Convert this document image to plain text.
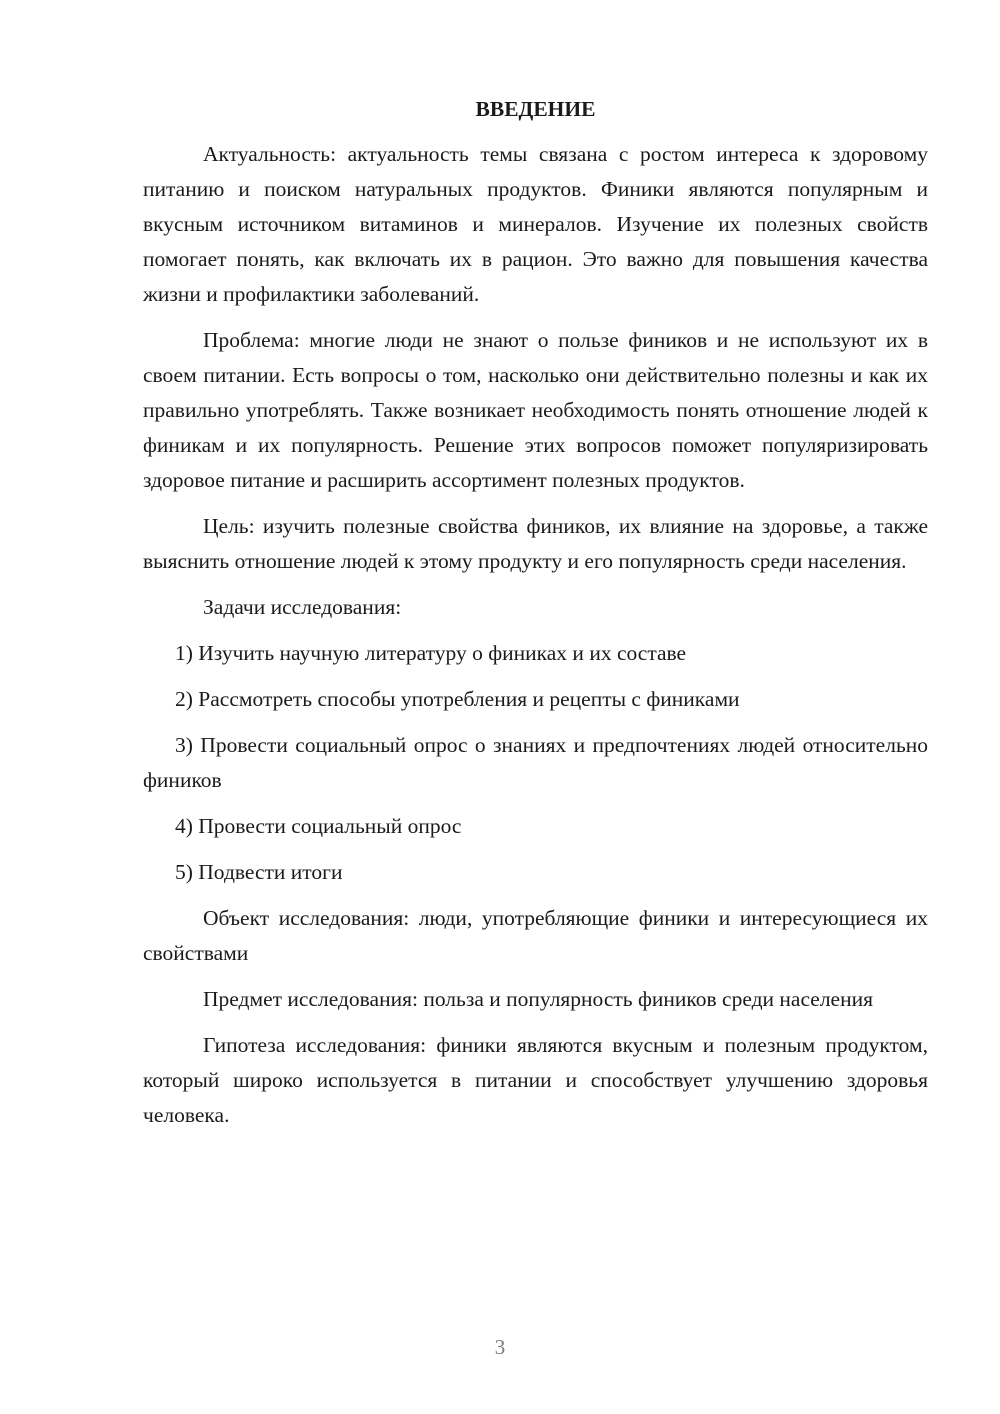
ВВЕДЕНИЕ

Актуальность: актуальность темы связана с ростом интереса к здоровому питанию и поиском натуральных продуктов. Финики являются популярным и вкусным источником витаминов и минералов. Изучение их полезных свойств помогает понять, как включать их в рацион. Это важно для повышения качества жизни и профилактики заболеваний.

Проблема: многие люди не знают о пользе фиников и не используют их в своем питании. Есть вопросы о том, насколько они действительно полезны и как их правильно употреблять. Также возникает необходимость понять отношение людей к финикам и их популярность. Решение этих вопросов поможет популяризировать здоровое питание и расширить ассортимент полезных продуктов.

Цель: изучить полезные свойства фиников, их влияние на здоровье, а также выяснить отношение людей к этому продукту и его популярность среди населения.

Задачи исследования:

1) Изучить научную литературу о финиках и их составе

2) Рассмотреть способы употребления и рецепты с финиками

3) Провести социальный опрос о знаниях и предпочтениях людей относительно фиников

4) Провести социальный опрос

5) Подвести итоги

Объект исследования: люди, употребляющие финики и интересующиеся их свойствами

Предмет исследования: польза и популярность фиников среди населения

Гипотеза исследования: финики являются вкусным и полезным продуктом, который широко используется в питании и способствует улучшению здоровья человека.

3
